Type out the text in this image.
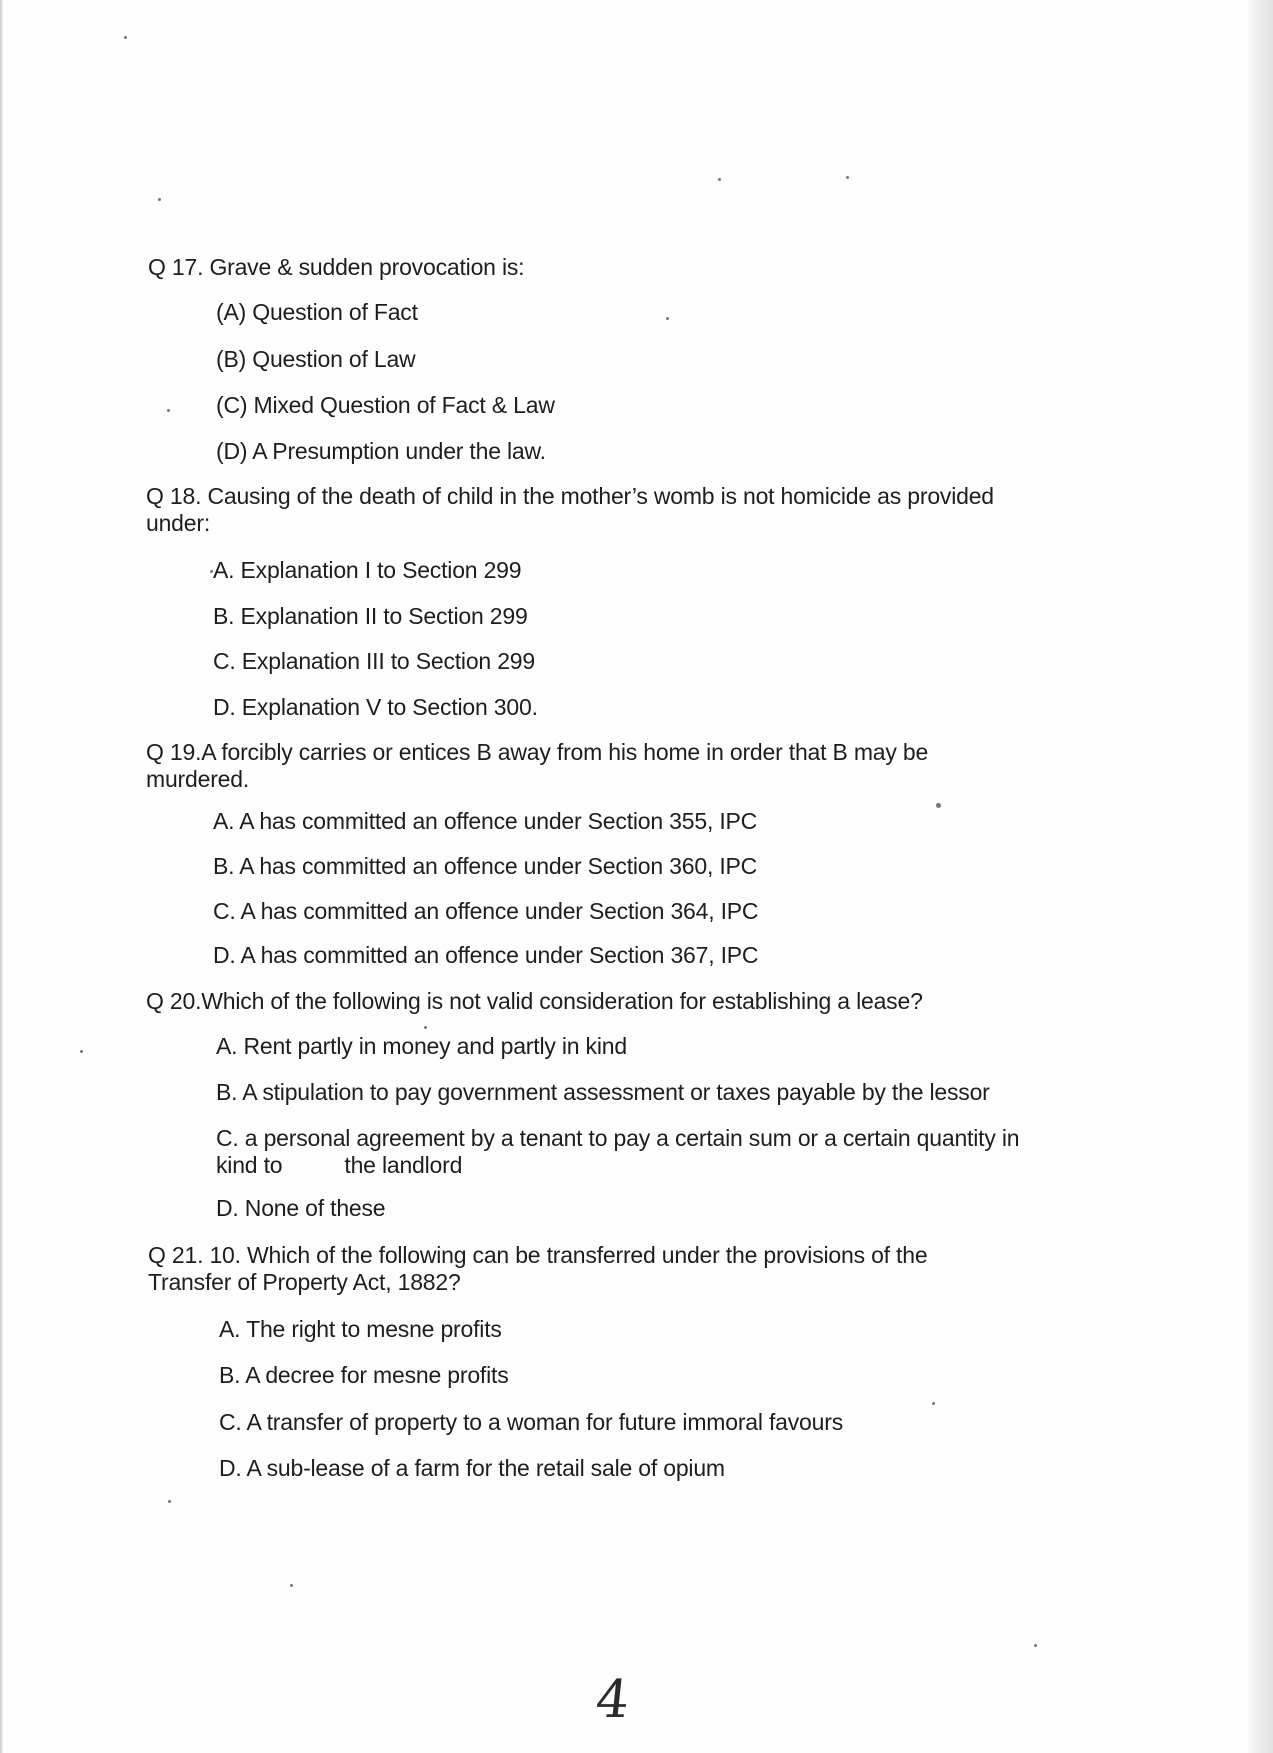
Q 17. Grave & sudden provocation is:
(A) Question of Fact
(B) Question of Law
(C) Mixed Question of Fact & Law
(D) A Presumption under the law.
Q 18. Causing of the death of child in the mother’s womb is not homicide as provided under:
A. Explanation I to Section 299
B. Explanation II to Section 299
C. Explanation III to Section 299
D. Explanation V to Section 300.
Q 19.A forcibly carries or entices B away from his home in order that B may be murdered.
A. A has committed an offence under Section 355, IPC
B. A has committed an offence under Section 360, IPC
C. A has committed an offence under Section 364, IPC
D. A has committed an offence under Section 367, IPC
Q 20.Which of the following is not valid consideration for establishing a lease?
A. Rent partly in money and partly in kind
B. A stipulation to pay government assessment or taxes payable by the lessor
C. a personal agreement by a tenant to pay a certain sum or a certain quantity in kind to	the landlord
D. None of these
Q 21. 10. Which of the following can be transferred under the provisions of the Transfer of Property Act, 1882?
A. The right to mesne profits
B. A decree for mesne profits
C. A transfer of property to a woman for future immoral favours
D. A sub-lease of a farm for the retail sale of opium
4
